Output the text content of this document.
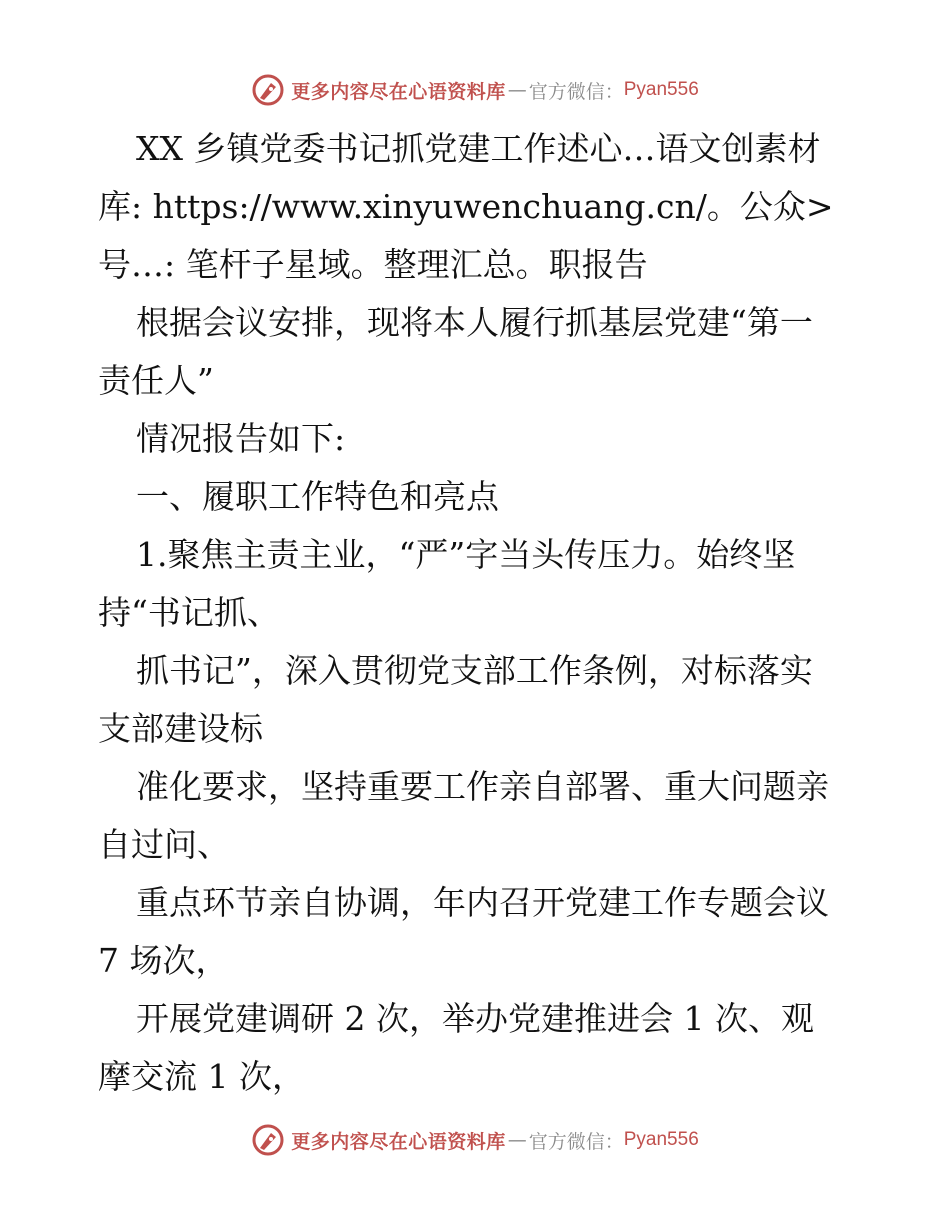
更多内容尽在心语资料库 — 官方微信： Pyan556
XX 乡镇党委书记抓党建工作述心…语文创素材
库: https://www.xinyuwenchuang.cn/。公众>
号…: 笔杆子星域。整理汇总。职报告
根据会议安排，现将本人履行抓基层党建“第一
责任人”
情况报告如下:
一、履职工作特色和亮点
1.聚焦主责主业，“严”字当头传压力。始终坚
持“书记抓、
抓书记”，深入贯彻党支部工作条例，对标落实
支部建设标
准化要求，坚持重要工作亲自部署、重大问题亲
自过问、
重点环节亲自协调，年内召开党建工作专题会议
7 场次，
开展党建调研 2 次，举办党建推进会 1 次、观
摩交流 1 次，
更多内容尽在心语资料库 — 官方微信： Pyan556
